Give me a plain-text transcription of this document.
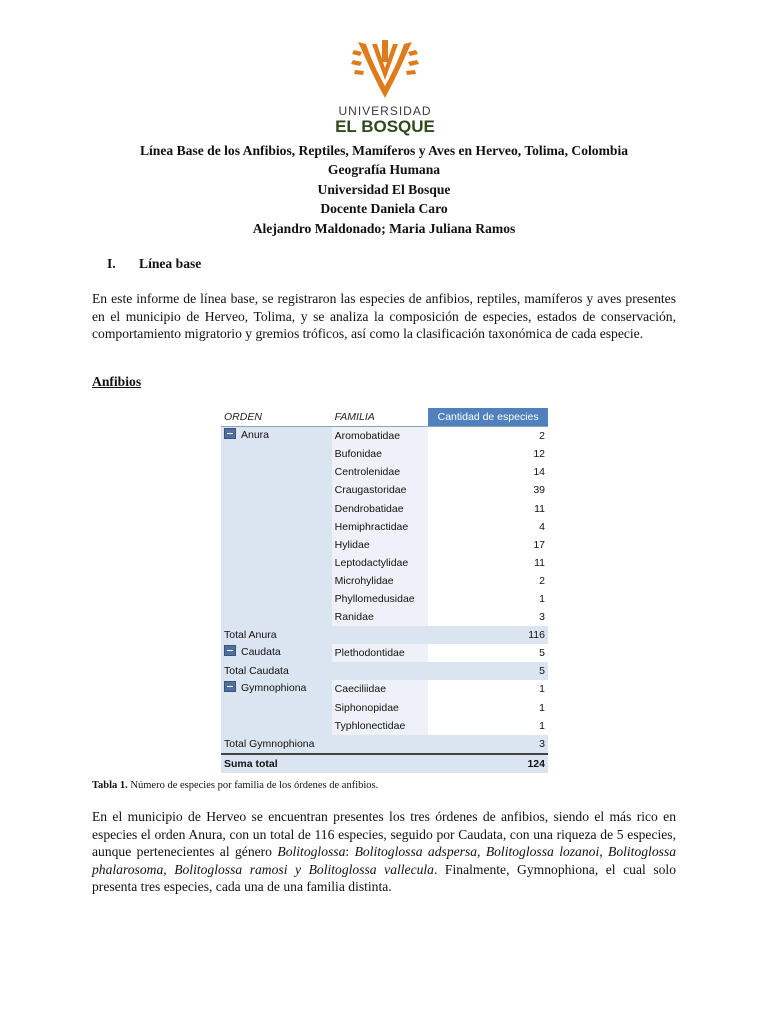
UNIVERSIDAD
EL BOSQUE
Línea Base de los Anfibios, Reptiles, Mamíferos y Aves en Herveo, Tolima, Colombia
Geografía Humana
Universidad El Bosque
Docente Daniela Caro
Alejandro Maldonado; Maria Juliana Ramos
I. Línea base
En este informe de línea base, se registraron las especies de anfibios, reptiles, mamíferos y aves presentes en el municipio de Herveo, Tolima, y se analiza la composición de especies, estados de conservación, comportamiento migratorio y gremios tróficos, así como la clasificación taxonómica de cada especie.
Anfibios
ORDEN	FAMILIA	Cantidad de especies
Anura	Aromobatidae	2
	Bufonidae	12
	Centrolenidae	14
	Craugastoridae	39
	Dendrobatidae	11
	Hemiphractidae	4
	Hylidae	17
	Leptodactylidae	11
	Microhylidae	2
	Phyllomedusidae	1
	Ranidae	3
Total Anura		116
Caudata	Plethodontidae	5
Total Caudata		5
Gymnophiona	Caeciliidae	1
	Siphonopidae	1
	Typhlonectidae	1
Total Gymnophiona		3
Suma total		124
Tabla 1. Número de especies por familia de los órdenes de anfibios.
En el municipio de Herveo se encuentran presentes los tres órdenes de anfibios, siendo el más rico en especies el orden Anura, con un total de 116 especies, seguido por Caudata, con una riqueza de 5 especies, aunque pertenecientes al género Bolitoglossa: Bolitoglossa adspersa, Bolitoglossa lozanoi, Bolitoglossa phalarosoma, Bolitoglossa ramosi y Bolitoglossa vallecula. Finalmente, Gymnophiona, el cual solo presenta tres especies, cada una de una familia distinta.
